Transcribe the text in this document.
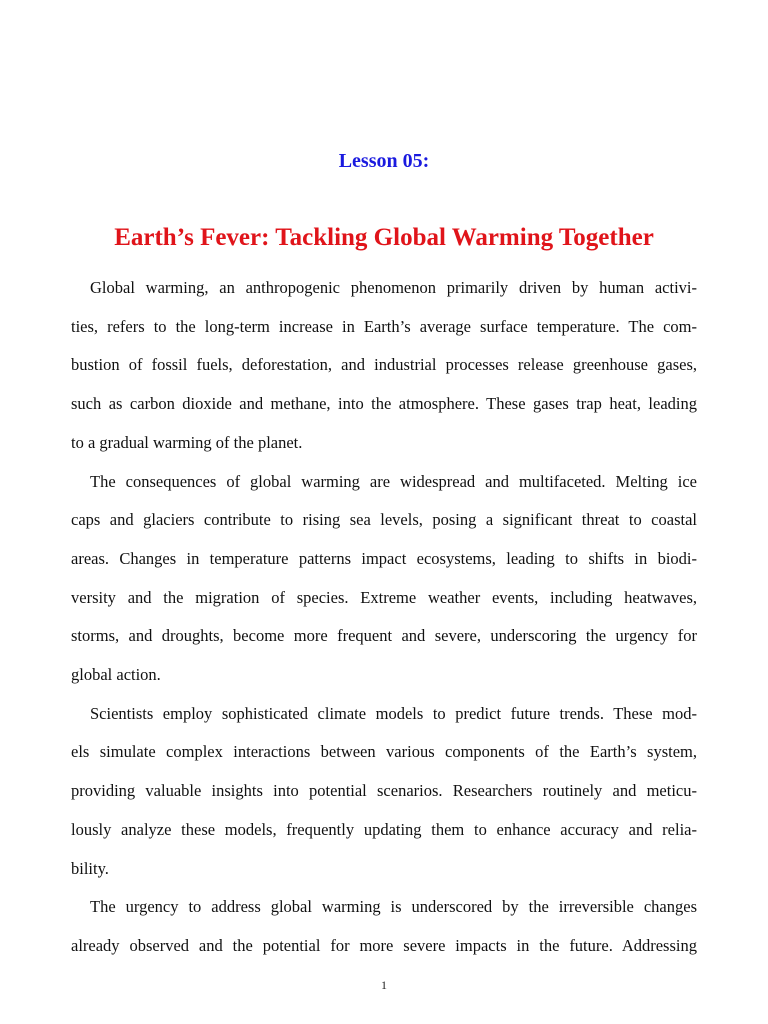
Lesson 05:
Earth’s Fever: Tackling Global Warming Together
Global warming, an anthropogenic phenomenon primarily driven by human activi-
ties, refers to the long-term increase in Earth’s average surface temperature. The com-
bustion of fossil fuels, deforestation, and industrial processes release greenhouse gases,
such as carbon dioxide and methane, into the atmosphere. These gases trap heat, leading
to a gradual warming of the planet.
The consequences of global warming are widespread and multifaceted. Melting ice
caps and glaciers contribute to rising sea levels, posing a significant threat to coastal
areas. Changes in temperature patterns impact ecosystems, leading to shifts in biodi-
versity and the migration of species. Extreme weather events, including heatwaves,
storms, and droughts, become more frequent and severe, underscoring the urgency for
global action.
Scientists employ sophisticated climate models to predict future trends. These mod-
els simulate complex interactions between various components of the Earth’s system,
providing valuable insights into potential scenarios. Researchers routinely and meticu-
lously analyze these models, frequently updating them to enhance accuracy and relia-
bility.
The urgency to address global warming is underscored by the irreversible changes
already observed and the potential for more severe impacts in the future. Addressing
1
